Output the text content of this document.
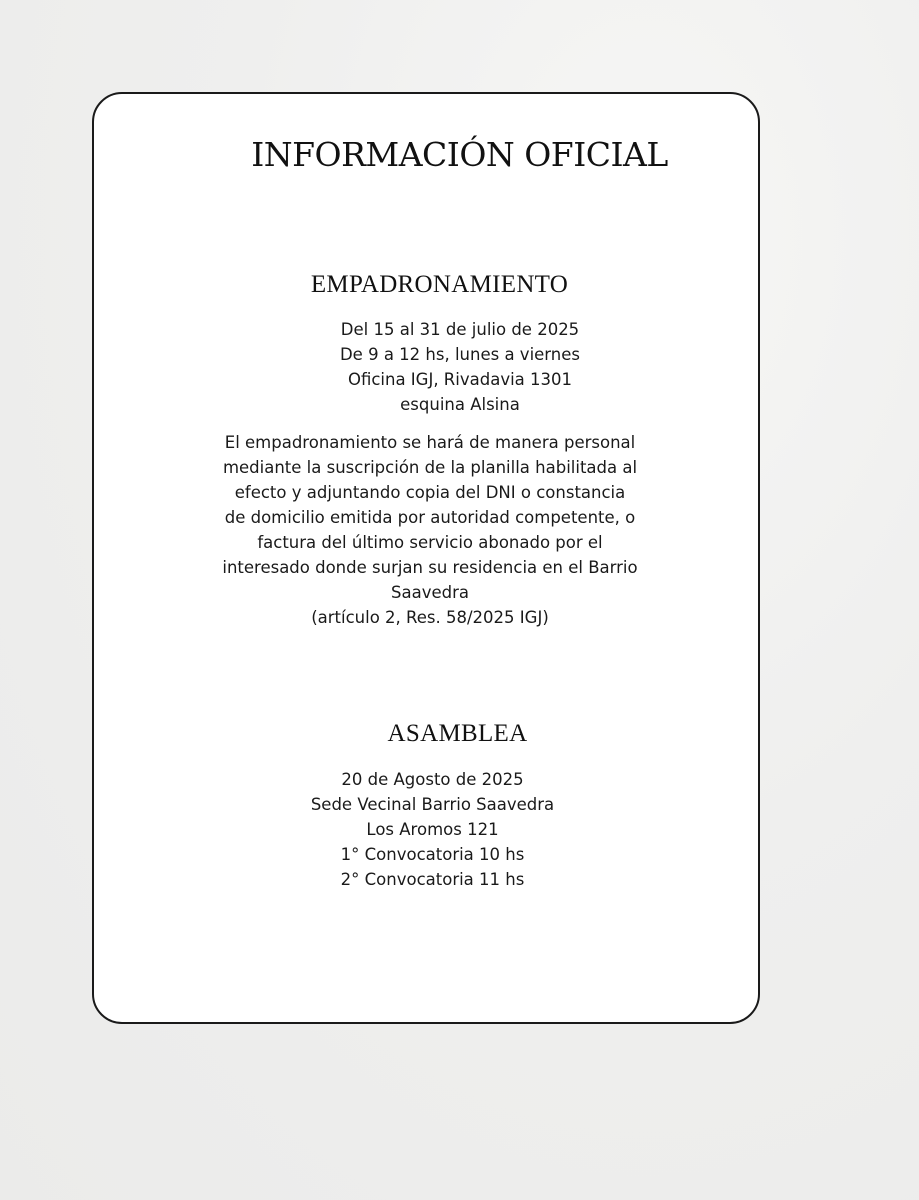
INFORMACIÓN OFICIAL
EMPADRONAMIENTO
Del 15 al 31 de julio de 2025
De 9 a 12 hs, lunes a viernes
Oficina IGJ, Rivadavia 1301
esquina Alsina
El empadronamiento se hará de manera personal
mediante la suscripción de la planilla habilitada al
efecto y adjuntando copia del DNI o constancia
de domicilio emitida por autoridad competente, o
factura del último servicio abonado por el
interesado donde surjan su residencia en el Barrio
Saavedra
(artículo 2, Res. 58/2025 IGJ)
ASAMBLEA
20 de Agosto de 2025
Sede Vecinal Barrio Saavedra
Los Aromos 121
1° Convocatoria 10 hs
2° Convocatoria 11 hs
